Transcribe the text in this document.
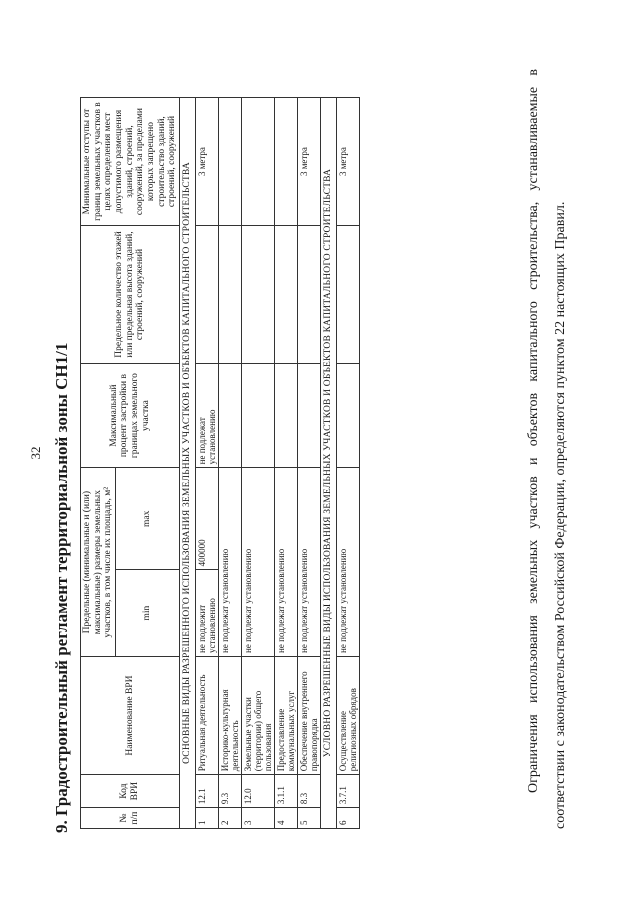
32 9. Градостроительный регламент территориальной зоны СН1/1	№ п/п	Код ВРИ	Наименование ВРИ	Предельные (минимальные и (или) максимальные) размеры земельных участков, в том числе их площадь, м²		Максимальный процент застройки в границах земельного участка	Предельное количество этажей или предельная высота зданий, строений, сооружений	Минимальные отступы от границ земельных участков в целях определения мест допустимого размещения зданий, строений, сооружений, за пределами которых запрещено строительство зданий, строений, сооружений
			min	max			
ОСНОВНЫЕ ВИДЫ РАЗРЕШЕННОГО ИСПОЛЬЗОВАНИЯ ЗЕМЕЛЬНЫХ УЧАСТКОВ И ОБЪЕКТОВ КАПИТАЛЬНОГО СТРОИТЕЛЬСТВА							
1	12.1	Ритуальная деятельность	не подлежит установлению	400000	не подлежат установлению		3 метра
2	9.3	Историко-культурная деятельность	не подлежат установлению				
3	12.0	Земельные участки (территории) общего пользования	не подлежат установлению				
4	3.1.1	Предоставление коммунальных услуг	не подлежат установлению				
5	8.3	Обеспечение внутреннего правопорядка	не подлежат установлению				3 метра
УСЛОВНО РАЗРЕШЕННЫЕ ВИДЫ ИСПОЛЬЗОВАНИЯ ЗЕМЕЛЬНЫХ УЧАСТКОВ И ОБЪЕКТОВ КАПИТАЛЬНОГО СТРОИТЕЛЬСТВА							
6	3.7.1	Осуществление религиозных обрядов	не подлежат установлению				3 метра	Ограничения использования земельных участков и объектов капитального строительства, устанавливаемые в соответствии с законодательством Российской Федерации, определяются пунктом 22 настоящих Правил.
